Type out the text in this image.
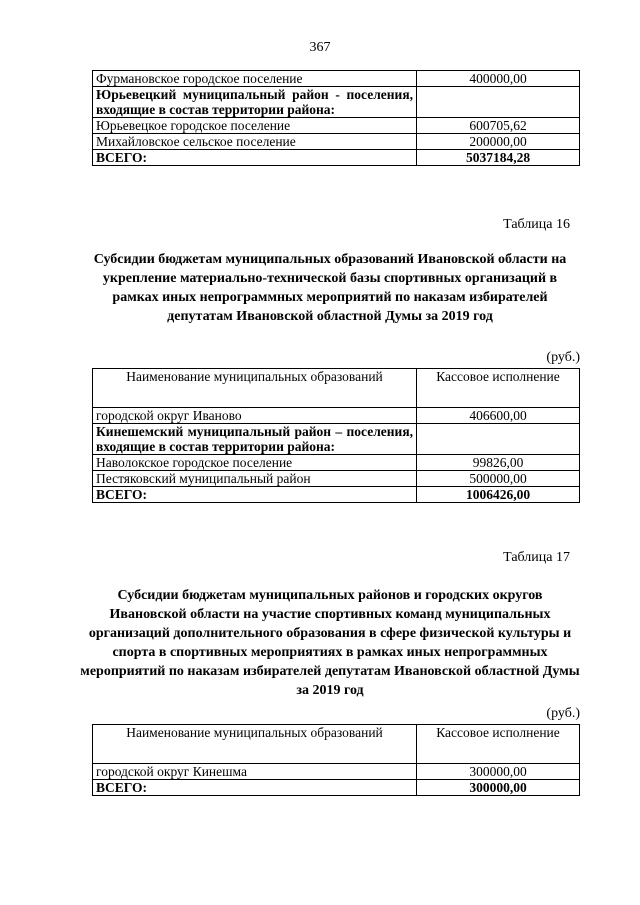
367
Фурмановское городское поселение	400000,00
Юрьевецкий муниципальный район - поселения, входящие в состав территории района:	
Юрьевецкое городское поселение	600705,62
Михайловское сельское поселение	200000,00
ВСЕГО:	5037184,28
Таблица 16
Субсидии бюджетам муниципальных образований Ивановской области на укрепление материально-технической базы спортивных организаций в рамках иных непрограммных мероприятий по наказам избирателей депутатам Ивановской областной Думы за 2019 год
(руб.)
Наименование муниципальных образований	Кассовое исполнение
городской округ Иваново	406600,00
Кинешемский муниципальный район – поселения, входящие в состав территории района:	
Наволокское городское поселение	99826,00
Пестяковский муниципальный район	500000,00
ВСЕГО:	1006426,00
Таблица 17
Субсидии бюджетам муниципальных районов и городских округов Ивановской области на участие спортивных команд муниципальных организаций дополнительного образования в сфере физической культуры и спорта в спортивных мероприятиях в рамках иных непрограммных мероприятий по наказам избирателей депутатам Ивановской областной Думы за 2019 год
(руб.)
Наименование муниципальных образований	Кассовое исполнение
городской округ Кинешма	300000,00
ВСЕГО:	300000,00
